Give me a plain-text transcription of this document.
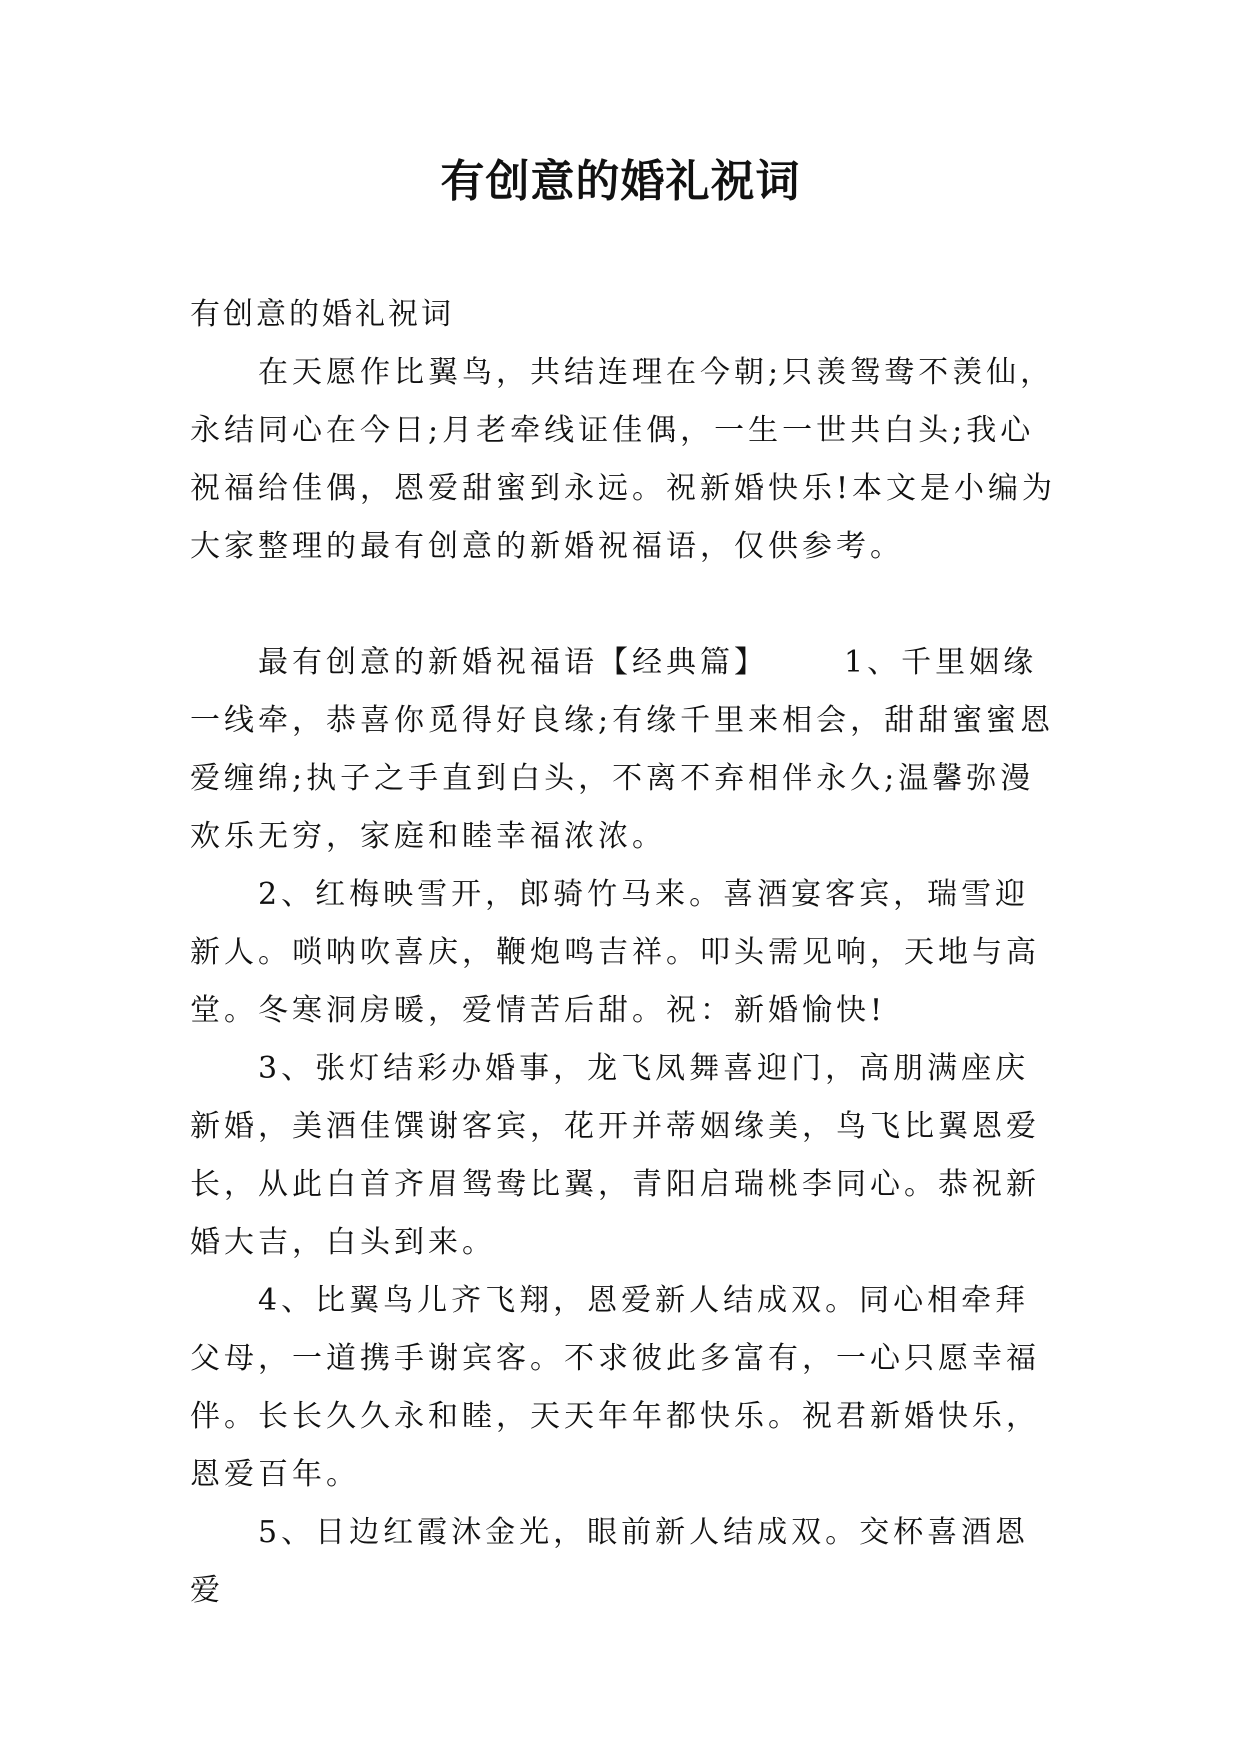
有创意的婚礼祝词

有创意的婚礼祝词

在天愿作比翼鸟，共结连理在今朝;只羡鸳鸯不羡仙，永结同心在今日;月老牵线证佳偶，一生一世共白头;我心祝福给佳偶，恩爱甜蜜到永远。祝新婚快乐!本文是小编为大家整理的最有创意的新婚祝福语，仅供参考。

最有创意的新婚祝福语【经典篇】	1、千里姻缘一线牵，恭喜你觅得好良缘;有缘千里来相会，甜甜蜜蜜恩爱缠绵;执子之手直到白头，不离不弃相伴永久;温馨弥漫欢乐无穷，家庭和睦幸福浓浓。

2、红梅映雪开，郎骑竹马来。喜酒宴客宾，瑞雪迎新人。唢呐吹喜庆，鞭炮鸣吉祥。叩头需见响，天地与高堂。冬寒洞房暖，爱情苦后甜。祝：新婚愉快!

3、张灯结彩办婚事，龙飞凤舞喜迎门，高朋满座庆新婚，美酒佳馔谢客宾，花开并蒂姻缘美，鸟飞比翼恩爱长，从此白首齐眉鸳鸯比翼，青阳启瑞桃李同心。恭祝新婚大吉，白头到来。

4、比翼鸟儿齐飞翔，恩爱新人结成双。同心相牵拜父母，一道携手谢宾客。不求彼此多富有，一心只愿幸福伴。长长久久永和睦，天天年年都快乐。祝君新婚快乐，恩爱百年。

5、日边红霞沐金光，眼前新人结成双。交杯喜酒恩爱
